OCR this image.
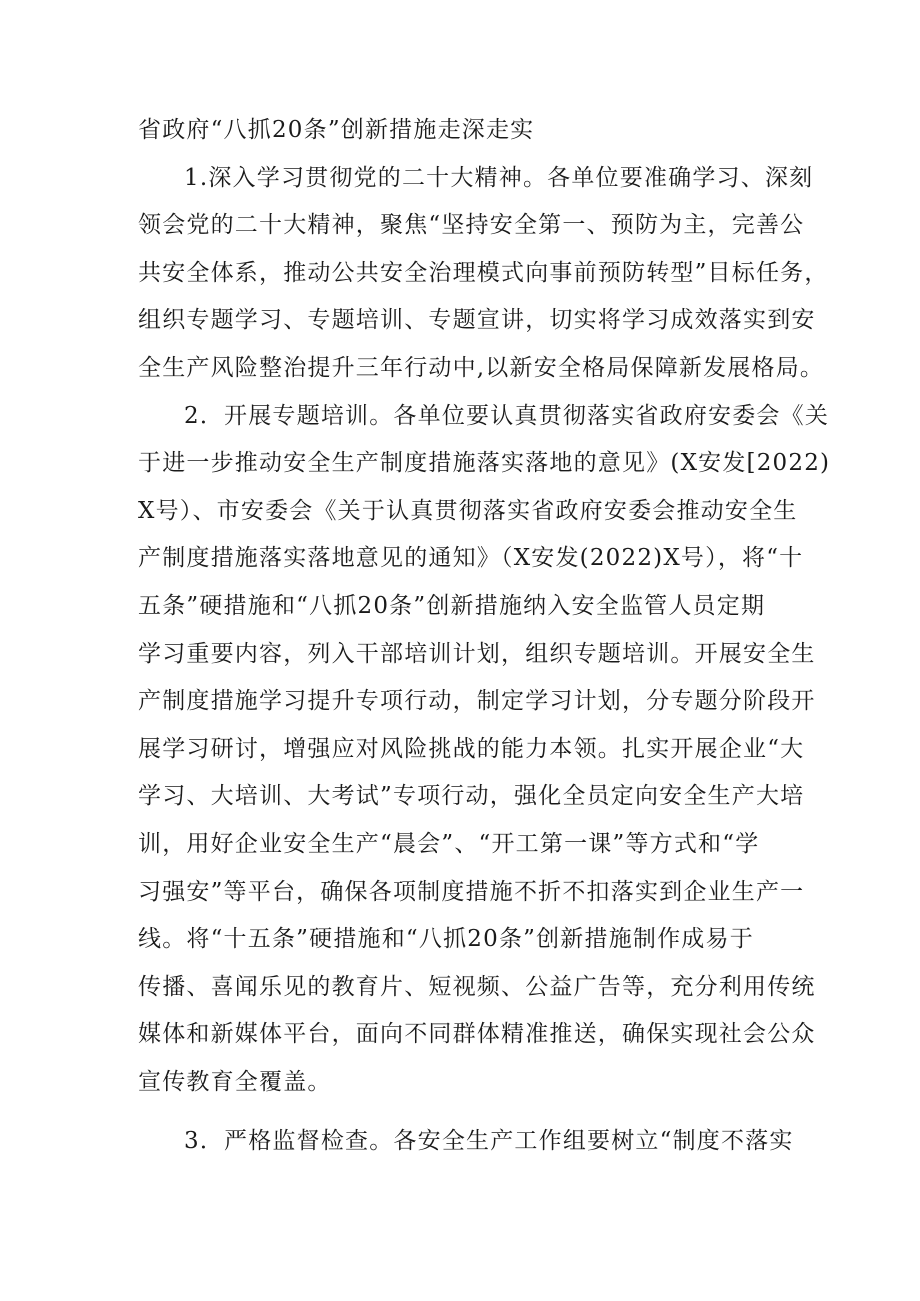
省政府“八抓20条”创新措施走深走实
1.深入学习贯彻党的二十大精神。各单位要准确学习、深刻
领会党的二十大精神，聚焦“坚持安全第一、预防为主，完善公
共安全体系，推动公共安全治理模式向事前预防转型”目标任务，
组织专题学习、专题培训、专题宣讲，切实将学习成效落实到安
全生产风险整治提升三年行动中,以新安全格局保障新发展格局。
2．开展专题培训。各单位要认真贯彻落实省政府安委会《关
于进一步推动安全生产制度措施落实落地的意见》(X安发[2022)
X号）、市安委会《关于认真贯彻落实省政府安委会推动安全生
产制度措施落实落地意见的通知》（X安发(2022)X号），将“十
五条”硬措施和“八抓20条”创新措施纳入安全监管人员定期
学习重要内容，列入干部培训计划，组织专题培训。开展安全生
产制度措施学习提升专项行动，制定学习计划，分专题分阶段开
展学习研讨，增强应对风险挑战的能力本领。扎实开展企业“大
学习、大培训、大考试”专项行动，强化全员定向安全生产大培
训，用好企业安全生产“晨会”、“开工第一课”等方式和“学
习强安”等平台，确保各项制度措施不折不扣落实到企业生产一
线。将“十五条”硬措施和“八抓20条”创新措施制作成易于
传播、喜闻乐见的教育片、短视频、公益广告等，充分利用传统
媒体和新媒体平台，面向不同群体精准推送，确保实现社会公众
宣传教育全覆盖。
3．严格监督检查。各安全生产工作组要树立“制度不落实
